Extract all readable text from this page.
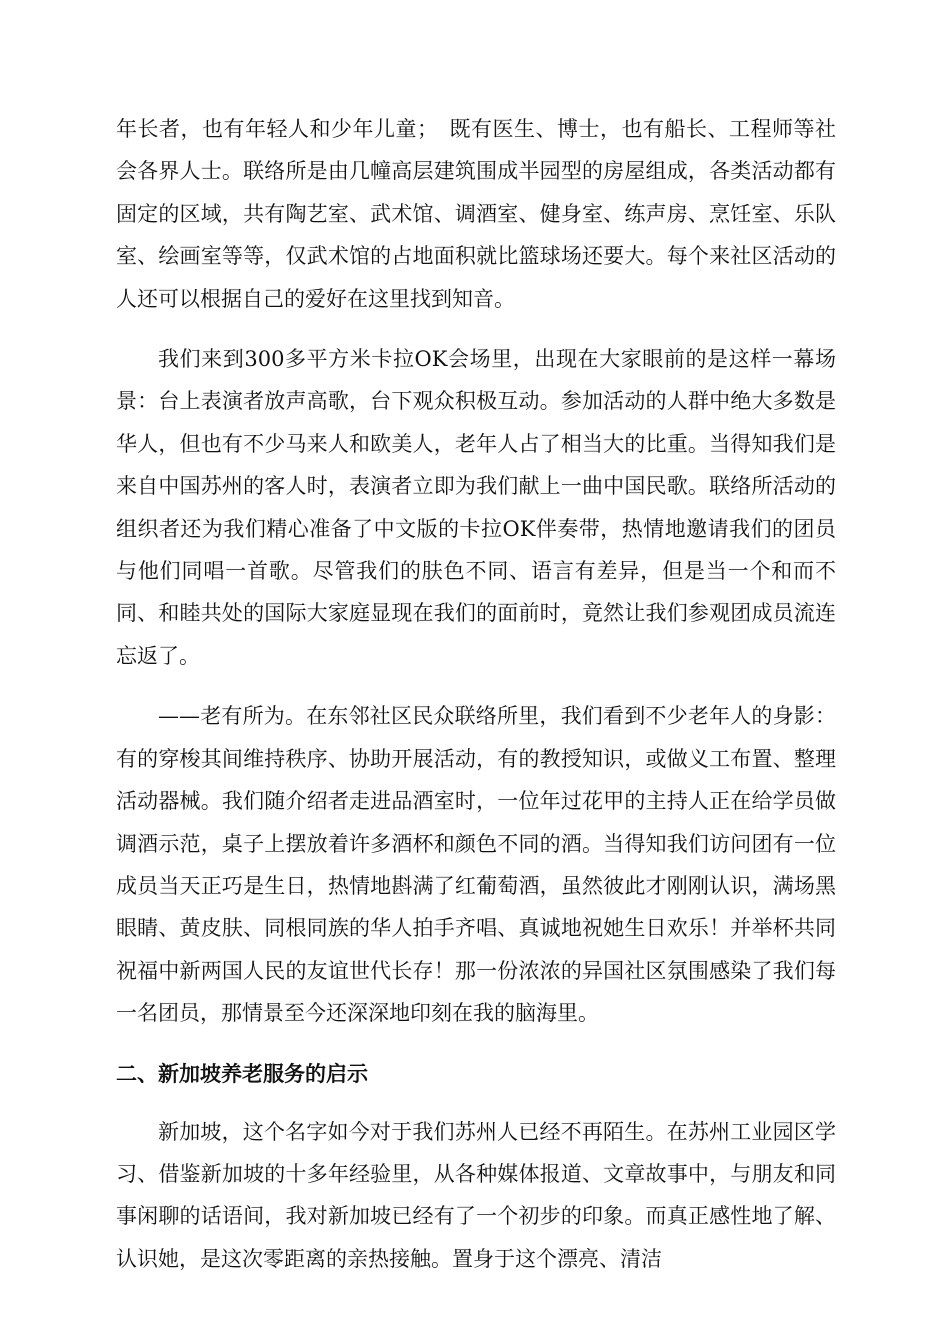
年长者，也有年轻人和少年儿童；　既有医生、博士，也有船长、工程师等社会各界人士。联络所是由几幢高层建筑围成半园型的房屋组成，各类活动都有固定的区域，共有陶艺室、武术馆、调酒室、健身室、练声房、烹饪室、乐队室、绘画室等等，仅武术馆的占地面积就比篮球场还要大。每个来社区活动的人还可以根据自己的爱好在这里找到知音。

我们来到300多平方米卡拉OK会场里，出现在大家眼前的是这样一幕场景：台上表演者放声高歌，台下观众积极互动。参加活动的人群中绝大多数是华人，但也有不少马来人和欧美人，老年人占了相当大的比重。当得知我们是来自中国苏州的客人时，表演者立即为我们献上一曲中国民歌。联络所活动的组织者还为我们精心准备了中文版的卡拉OK伴奏带，热情地邀请我们的团员与他们同唱一首歌。尽管我们的肤色不同、语言有差异，但是当一个和而不同、和睦共处的国际大家庭显现在我们的面前时，竟然让我们参观团成员流连忘返了。

——老有所为。在东邻社区民众联络所里，我们看到不少老年人的身影：有的穿梭其间维持秩序、协助开展活动，有的教授知识，或做义工布置、整理活动器械。我们随介绍者走进品酒室时，一位年过花甲的主持人正在给学员做调酒示范，桌子上摆放着许多酒杯和颜色不同的酒。当得知我们访问团有一位成员当天正巧是生日，热情地斟满了红葡萄酒，虽然彼此才刚刚认识，满场黑眼睛、黄皮肤、同根同族的华人拍手齐唱、真诚地祝她生日欢乐！并举杯共同祝福中新两国人民的友谊世代长存！那一份浓浓的异国社区氛围感染了我们每一名团员，那情景至今还深深地印刻在我的脑海里。

二、新加坡养老服务的启示

新加坡，这个名字如今对于我们苏州人已经不再陌生。在苏州工业园区学习、借鉴新加坡的十多年经验里，从各种媒体报道、文章故事中，与朋友和同事闲聊的话语间，我对新加坡已经有了一个初步的印象。而真正感性地了解、认识她，是这次零距离的亲热接触。置身于这个漂亮、清洁
